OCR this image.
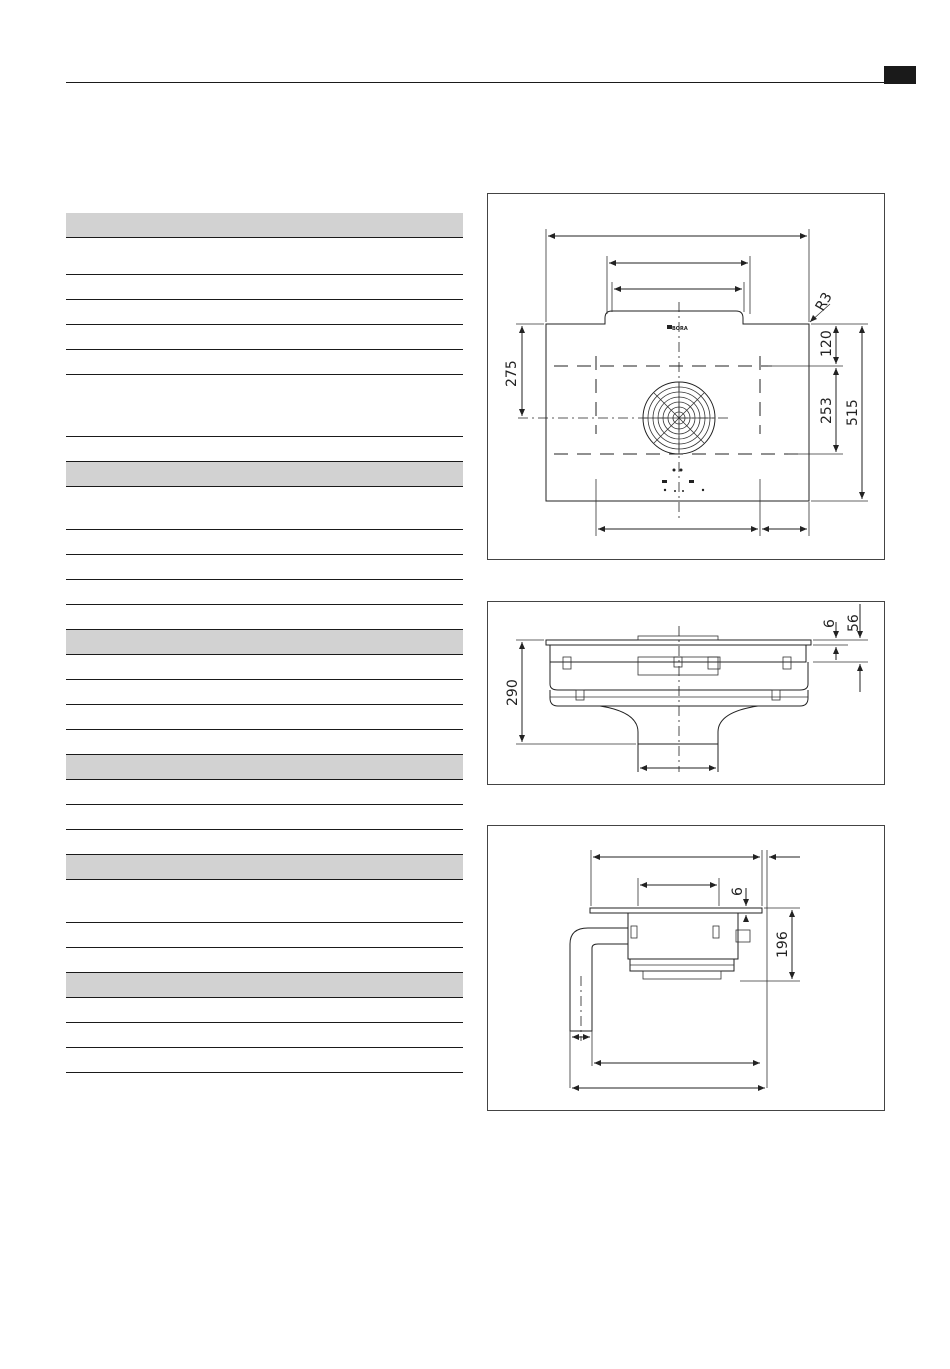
R3
BORA
275
120
253 515
290
6 56
6
196
